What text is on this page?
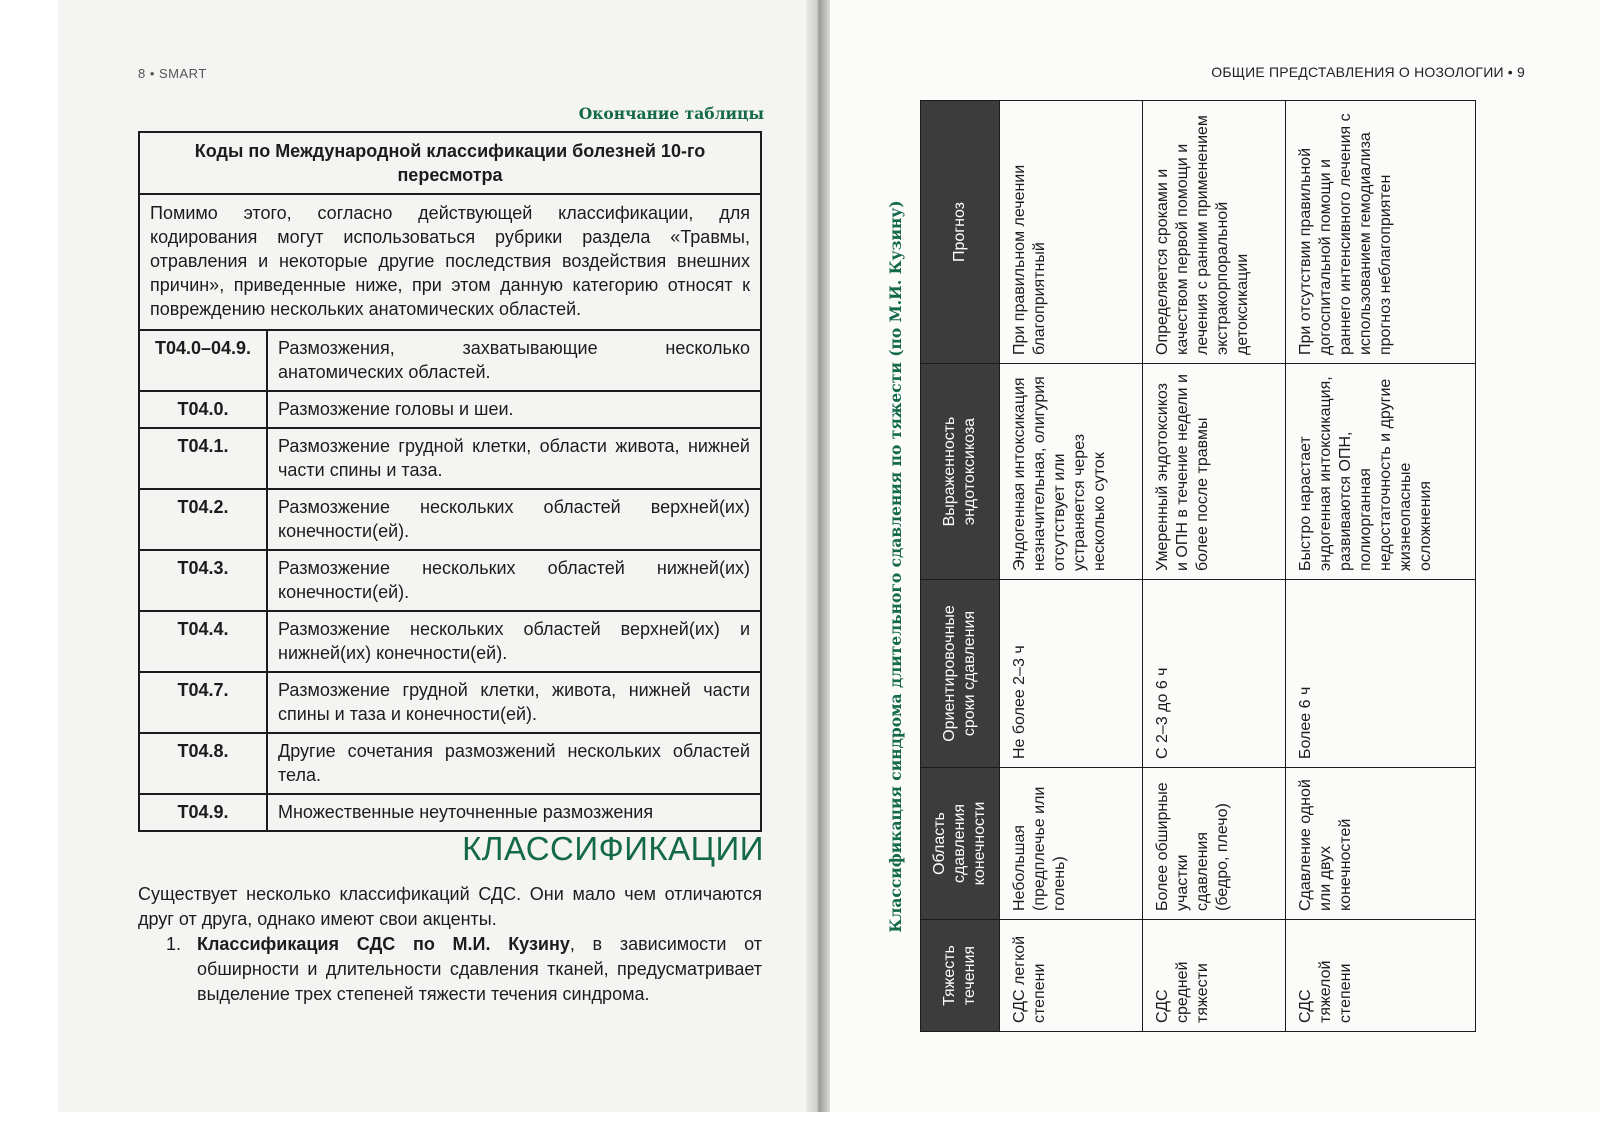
8 • SMART
Окончание таблицы
Коды по Международной классификации болезней 10-го пересмотра	
Помимо этого, согласно действующей классификации, для кодирования могут использоваться рубрики раздела «Травмы, отравления и некоторые другие последствия воздействия внешних причин», приведенные ниже, при этом данную категорию относят к повреждению нескольких анатомических областей.	
T04.0–04.9.	Размозжения, захватывающие несколько анатомических областей.
T04.0.	Размозжение головы и шеи.
T04.1.	Размозжение грудной клетки, области живота, нижней части спины и таза.
T04.2.	Размозжение нескольких областей верхней(их) конечности(ей).
T04.3.	Размозжение нескольких областей нижней(их) конечности(ей).
T04.4.	Размозжение нескольких областей верхней(их) и нижней(их) конечности(ей).
T04.7.	Размозжение грудной клетки, живота, нижней части спины и таза и конечности(ей).
T04.8.	Другие сочетания размозжений нескольких областей тела.
T04.9.	Множественные неуточненные размозжения
КЛАССИФИКАЦИИ
Существует несколько классификаций СДС. Они мало чем отличаются друг от друга, однако имеют свои акценты.
1. Классификация СДС по М.И. Кузину, в зависимости от обширности и длительности сдавления тканей, предусматривает выделение трех степеней тяжести течения синдрома.
ОБЩИЕ ПРЕДСТАВЛЕНИЯ О НОЗОЛОГИИ • 9
Классификация синдрома длительного сдавления по тяжести (по М.И. Кузину)
Тяжесть течения	Область сдавления конечности	Ориентировочные сроки сдавления	Выраженность эндотоксикоза	Прогноз
СДС легкой степени	Небольшая (предплечье или голень)	Не более 2–3 ч	Эндогенная интоксикация незначительная, олигурия отсутствует или устраняется через несколько суток	При правильном лечении благоприятный
СДС средней тяжести	Более обширные участки сдавления (бедро, плечо)	С 2–3 до 6 ч	Умеренный эндотоксикоз и ОПН в течение недели и более после травмы	Определяется сроками и качеством первой помощи и лечения с ранним применением экстракорпоральной детоксикации
СДС тяжелой степени	Сдавление одной или двух конечностей	Более 6 ч	Быстро нарастает эндогенная интоксикация, развиваются ОПН, полиорганная недостаточность и другие жизнеопасные осложнения	При отсутствии правильной догоспитальной помощи и раннего интенсивного лечения с использованием гемодиализа прогноз неблагоприятен
